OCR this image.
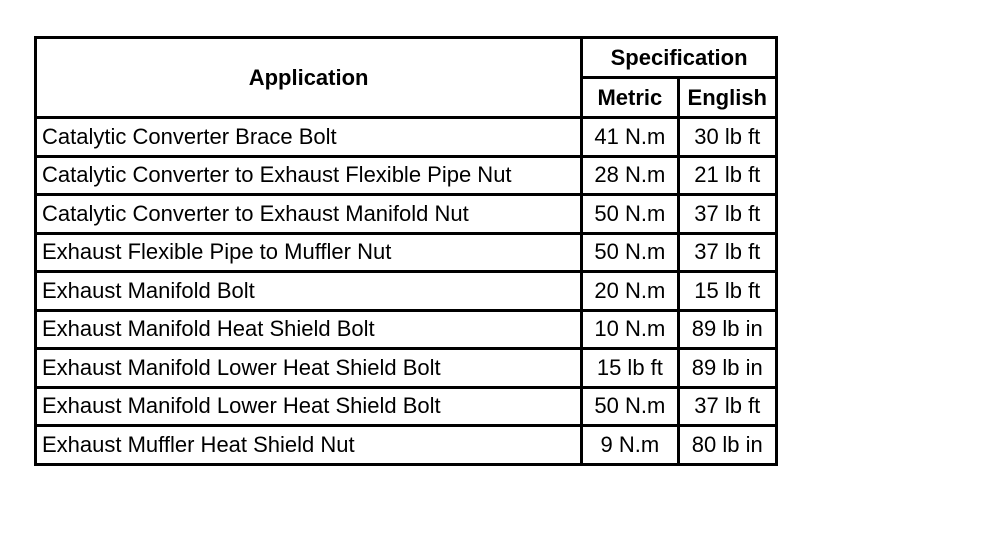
Application	Specification	
	Metric	English
Catalytic Converter Brace Bolt	41 N.m	30 lb ft
Catalytic Converter to Exhaust Flexible Pipe Nut	28 N.m	21 lb ft
Catalytic Converter to Exhaust Manifold Nut	50 N.m	37 lb ft
Exhaust Flexible Pipe to Muffler Nut	50 N.m	37 lb ft
Exhaust Manifold Bolt	20 N.m	15 lb ft
Exhaust Manifold Heat Shield Bolt	10 N.m	89 lb in
Exhaust Manifold Lower Heat Shield Bolt	15 lb ft	89 lb in
Exhaust Manifold Lower Heat Shield Bolt	50 N.m	37 lb ft
Exhaust Muffler Heat Shield Nut	9 N.m	80 lb in
